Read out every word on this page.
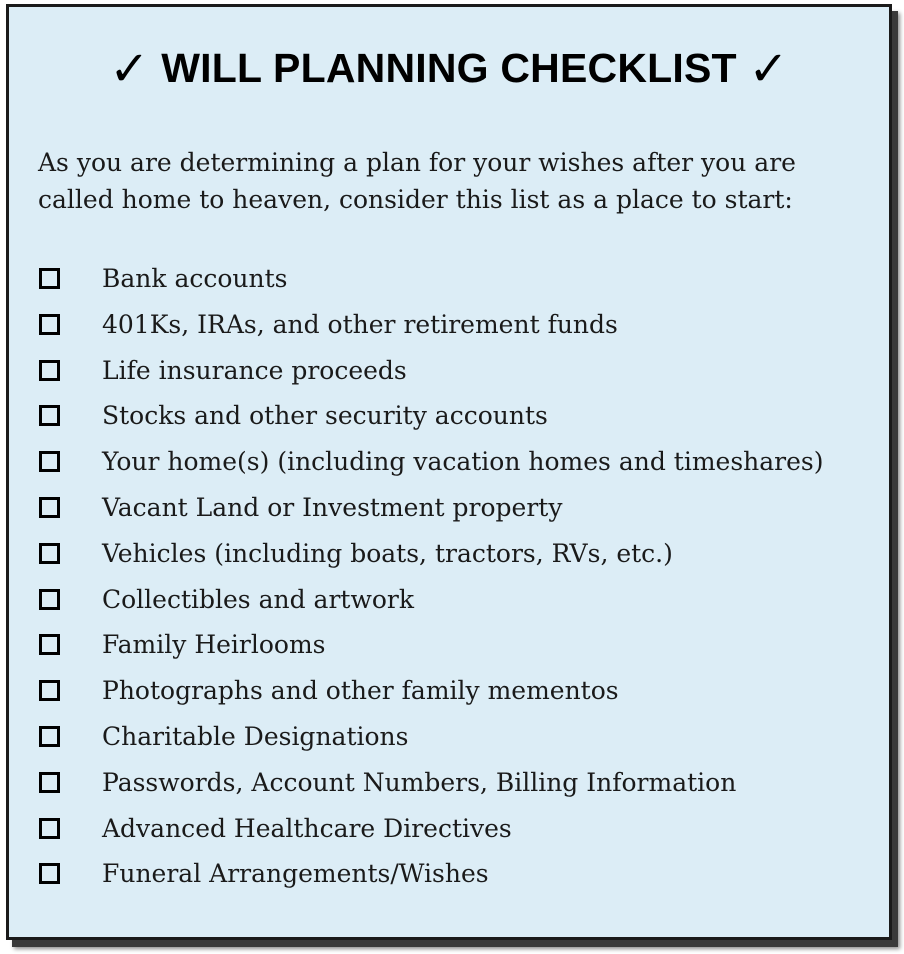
✓ WILL PLANNING CHECKLIST ✓
As you are determining a plan for your wishes after you are
called home to heaven, consider this list as a place to start:
Bank accounts
401Ks, IRAs, and other retirement funds
Life insurance proceeds
Stocks and other security accounts
Your home(s) (including vacation homes and timeshares)
Vacant Land or Investment property
Vehicles (including boats, tractors, RVs, etc.)
Collectibles and artwork
Family Heirlooms
Photographs and other family mementos
Charitable Designations
Passwords, Account Numbers, Billing Information
Advanced Healthcare Directives
Funeral Arrangements/Wishes
